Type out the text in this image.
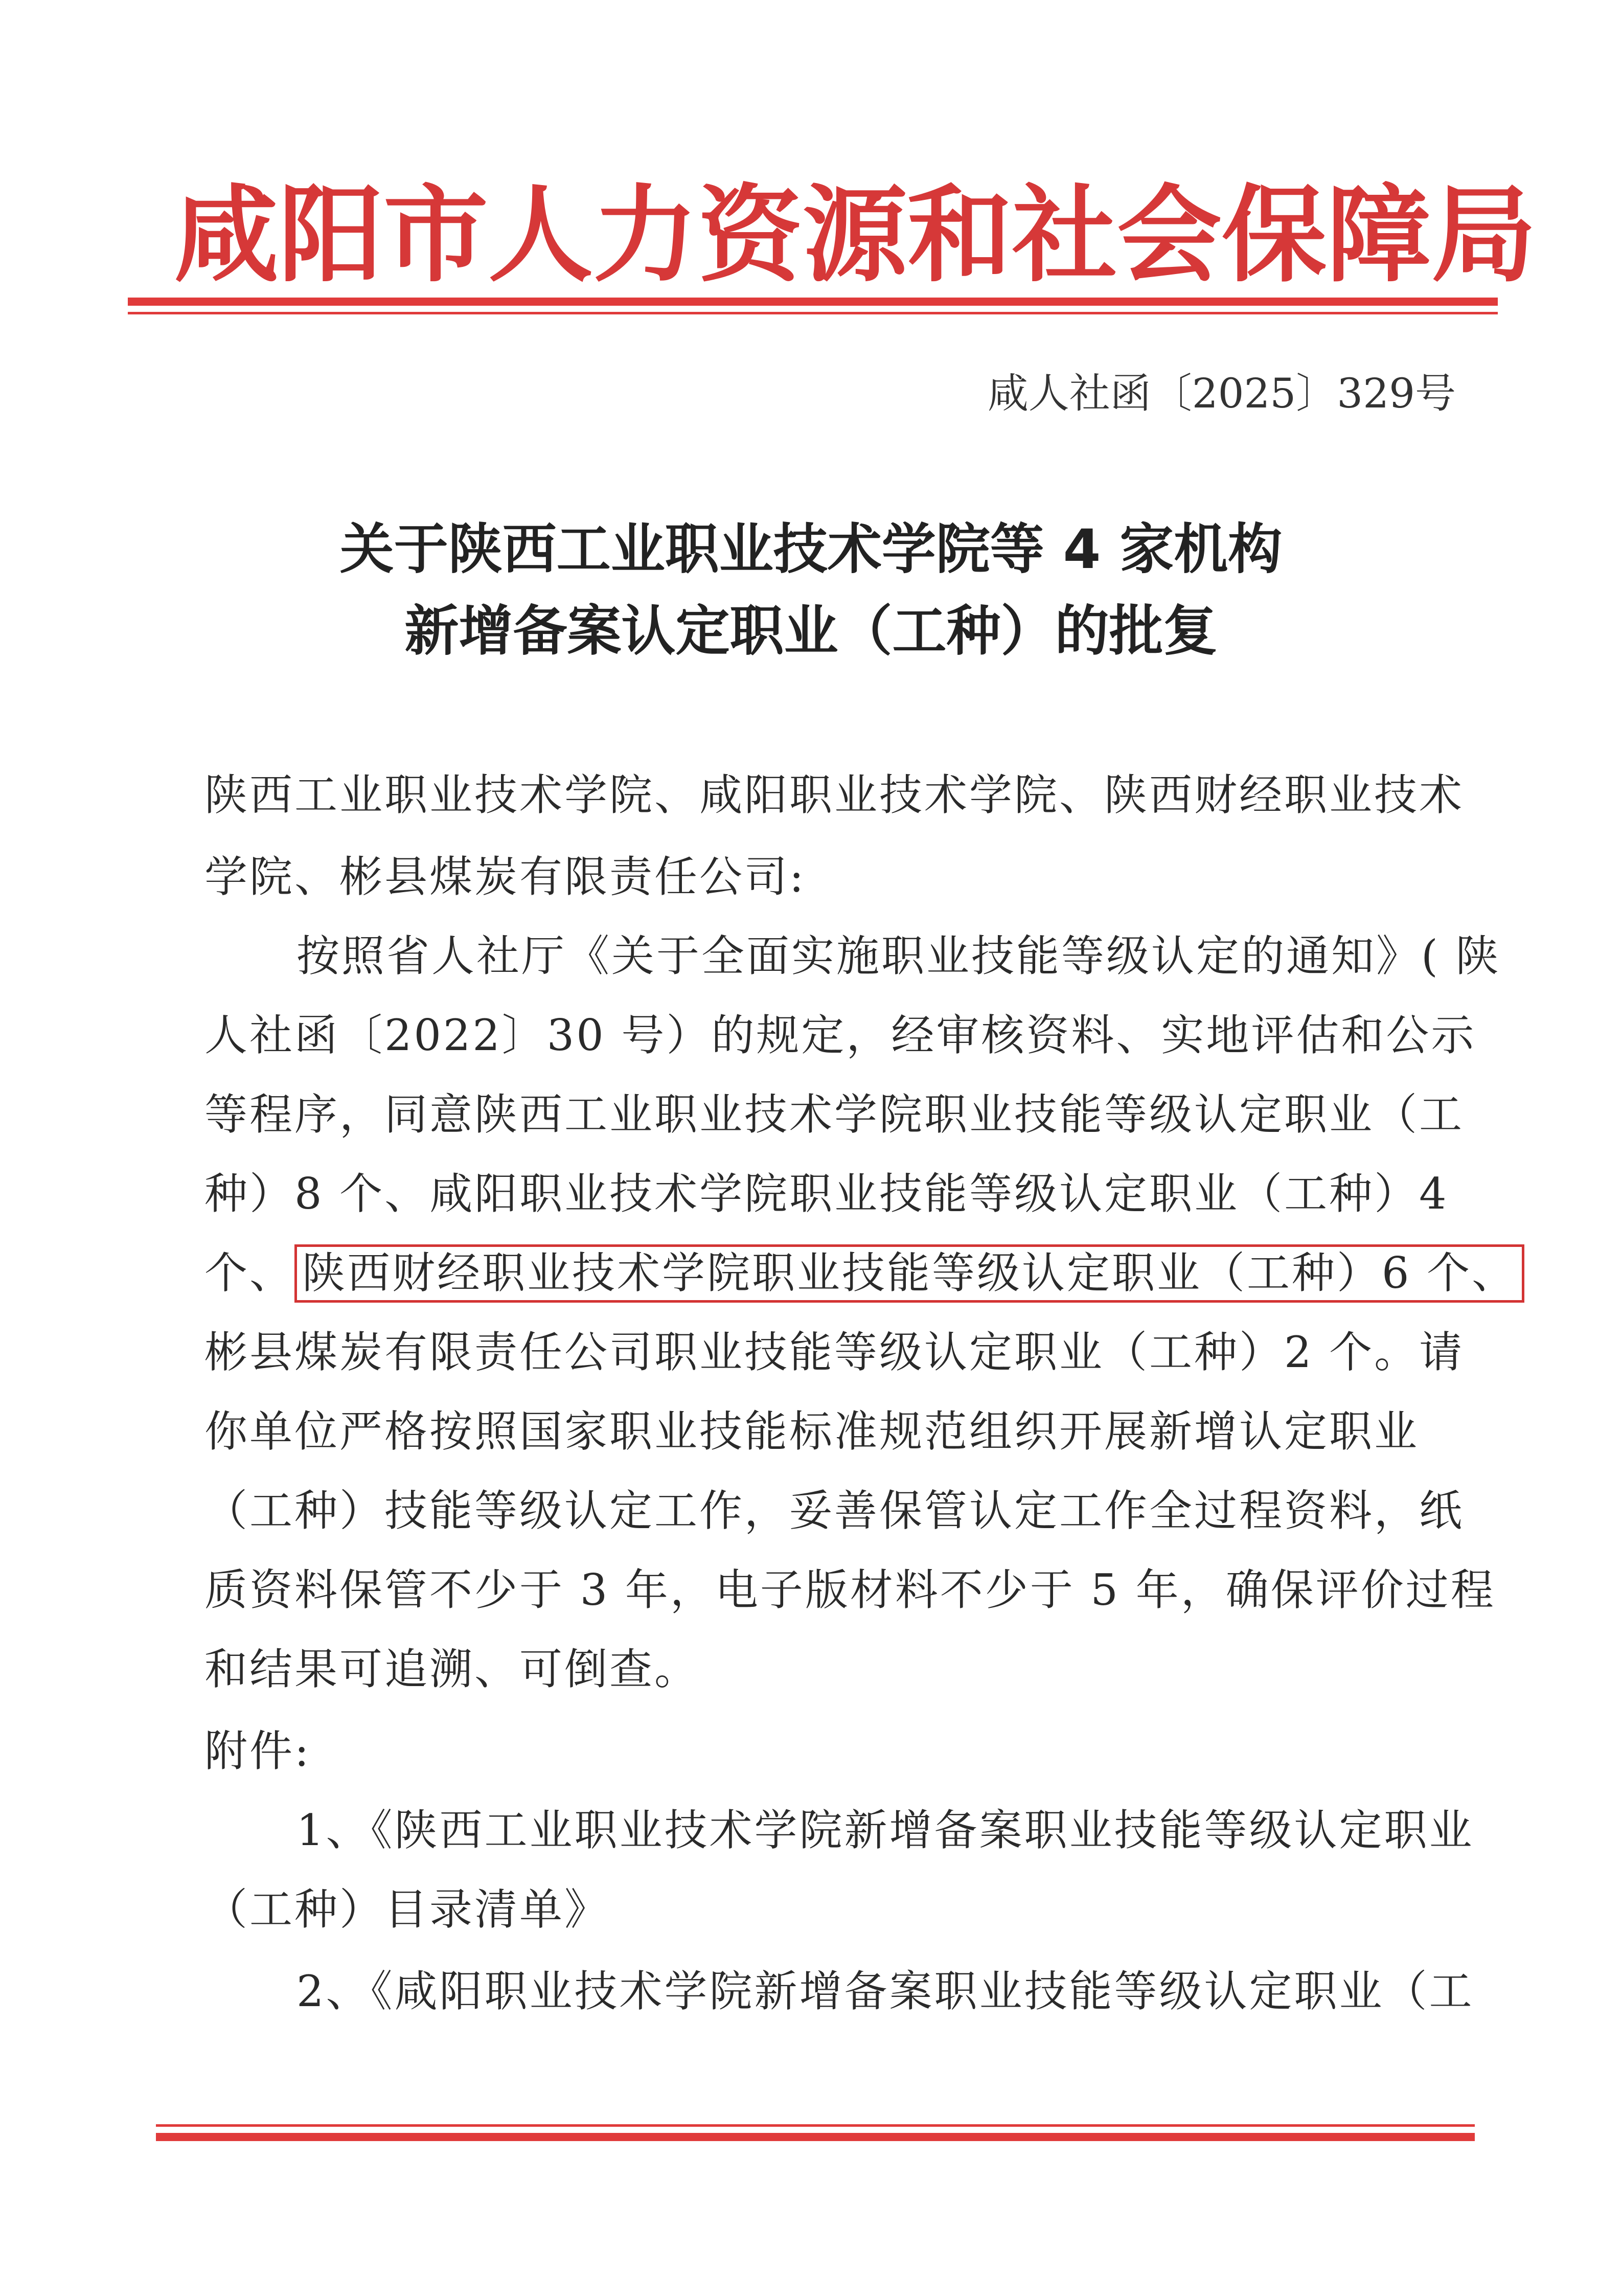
咸阳市人力资源和社会保障局
咸人社函〔2025〕329号
关于陕西工业职业技术学院等 4 家机构
新增备案认定职业（工种）的批复
陕西工业职业技术学院、咸阳职业技术学院、陕西财经职业技术
学院、彬县煤炭有限责任公司:
按照省人社厅《关于全面实施职业技能等级认定的通知》( 陕
人社函〔2022〕30 号）的规定，经审核资料、实地评估和公示
等程序，同意陕西工业职业技术学院职业技能等级认定职业（工
种）8 个、咸阳职业技术学院职业技能等级认定职业（工种）4
个、 陕西财经职业技术学院职业技能等级认定职业（工种）6 个、
彬县煤炭有限责任公司职业技能等级认定职业（工种）2 个。请
你单位严格按照国家职业技能标准规范组织开展新增认定职业
（工种）技能等级认定工作，妥善保管认定工作全过程资料，纸
质资料保管不少于 3 年，电子版材料不少于 5 年，确保评价过程
和结果可追溯、可倒查。
附件:
1、《陕西工业职业技术学院新增备案职业技能等级认定职业
（工种）目录清单》
2、《咸阳职业技术学院新增备案职业技能等级认定职业（工
